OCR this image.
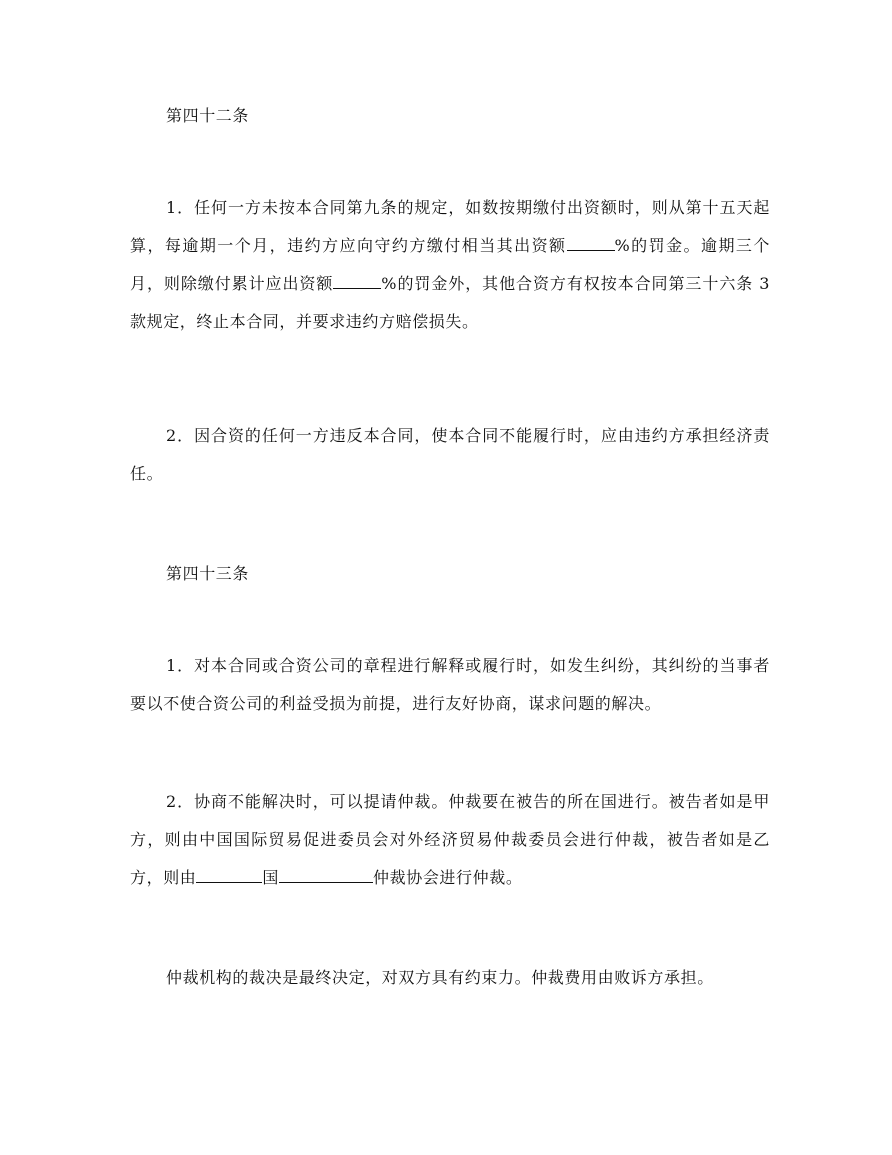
第四十二条
1．任何一方未按本合同第九条的规定，如数按期缴付出资额时，则从第十五天起算，每逾期一个月，违约方应向守约方缴付相当其出资额	%的罚金。逾期三个月，则除缴付累计应出资额	%的罚金外，其他合资方有权按本合同第三十六条 3 款规定，终止本合同，并要求违约方赔偿损失。
2．因合资的任何一方违反本合同，使本合同不能履行时，应由违约方承担经济责任。
第四十三条
1．对本合同或合资公司的章程进行解释或履行时，如发生纠纷，其纠纷的当事者要以不使合资公司的利益受损为前提，进行友好协商，谋求问题的解决。
2．协商不能解决时，可以提请仲裁。仲裁要在被告的所在国进行。被告者如是甲方，则由中国国际贸易促进委员会对外经济贸易仲裁委员会进行仲裁，被告者如是乙方，则由	国	仲裁协会进行仲裁。
仲裁机构的裁决是最终决定，对双方具有约束力。仲裁费用由败诉方承担。
